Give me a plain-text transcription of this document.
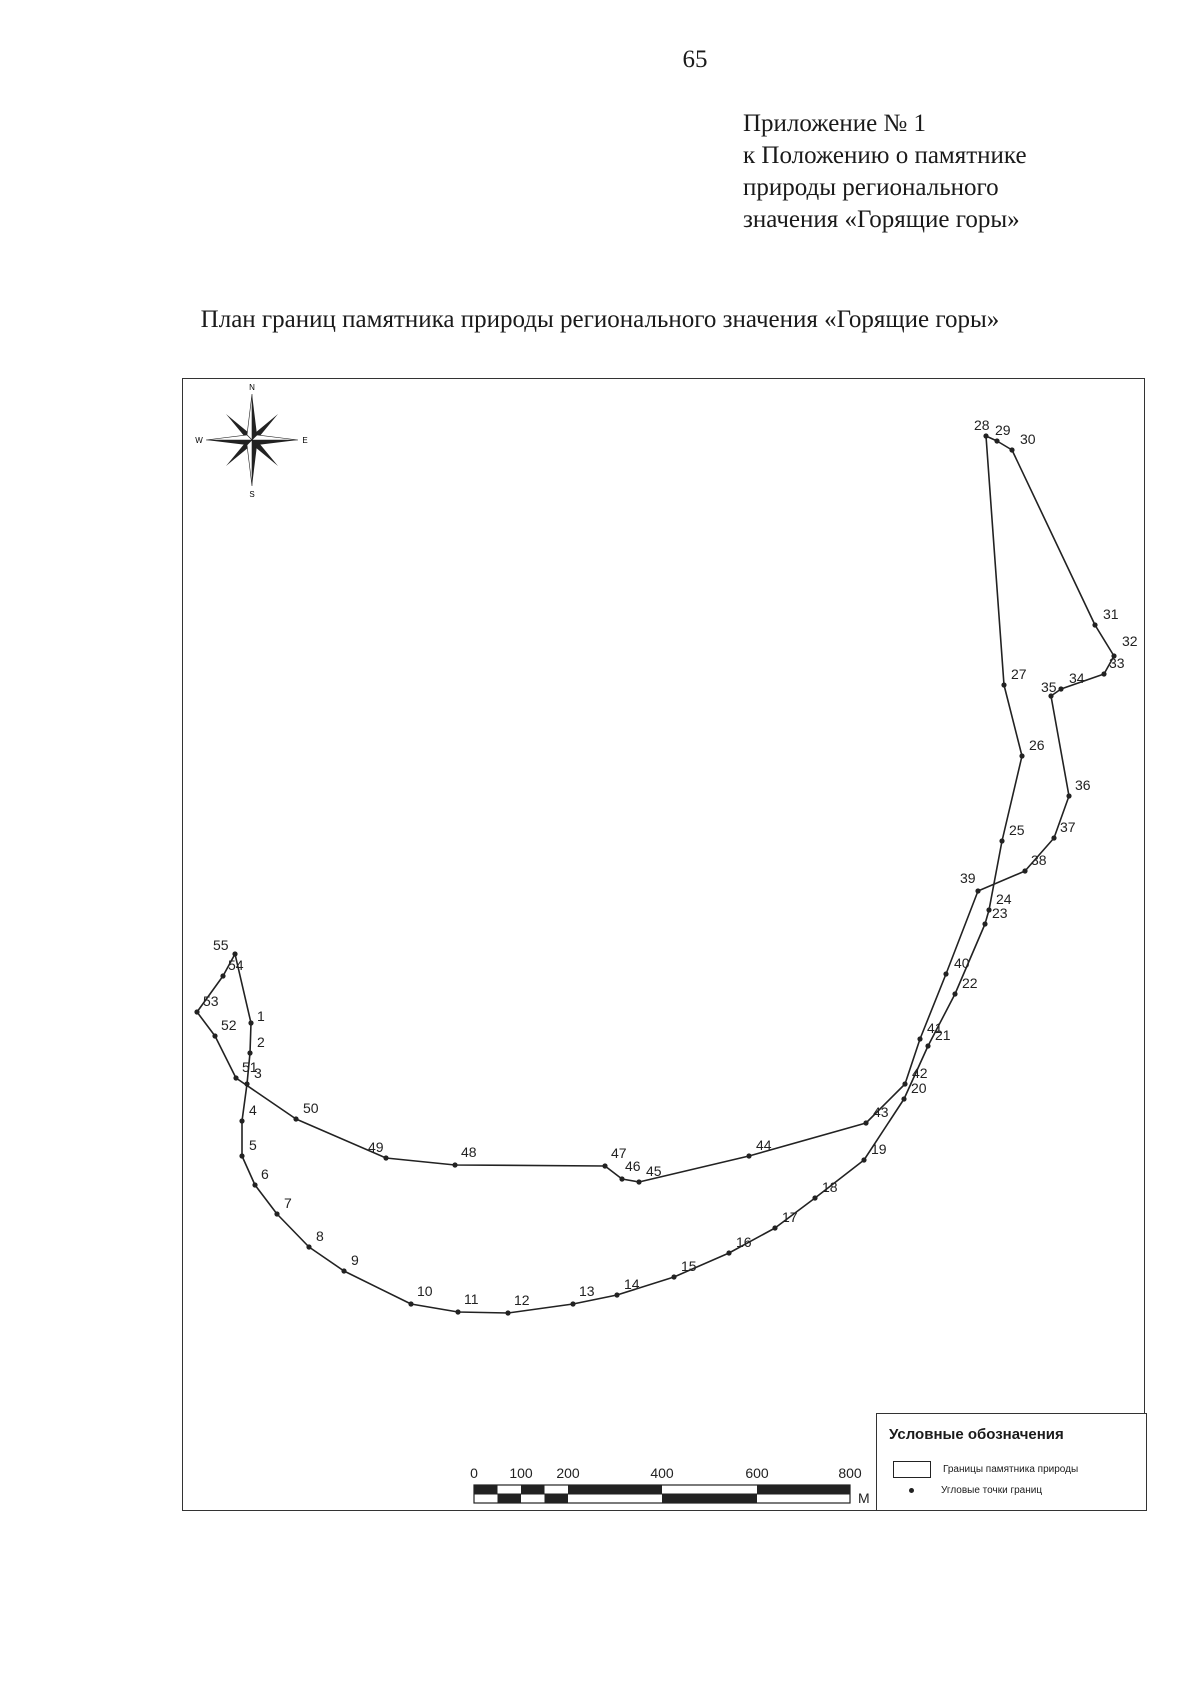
65
Приложение № 1
к Положению о памятнике
природы регионального
значения «Горящие горы»
План границ памятника природы регионального значения «Горящие горы»
N
S
W	E
1
2
3
4
5
6
7
8
9
10 11	12
13 14
15
16
17
18
19
20
21
22
23
24
25
26
27
28 29
30
31
32
33
34
35
36
37
38
39
40
41
42
43
44
45
46
47
48
49
50
51
52
53
54
55
0 100 200	400	600	800
М
Условные обозначения
Границы памятника природы
Угловые точки границ
